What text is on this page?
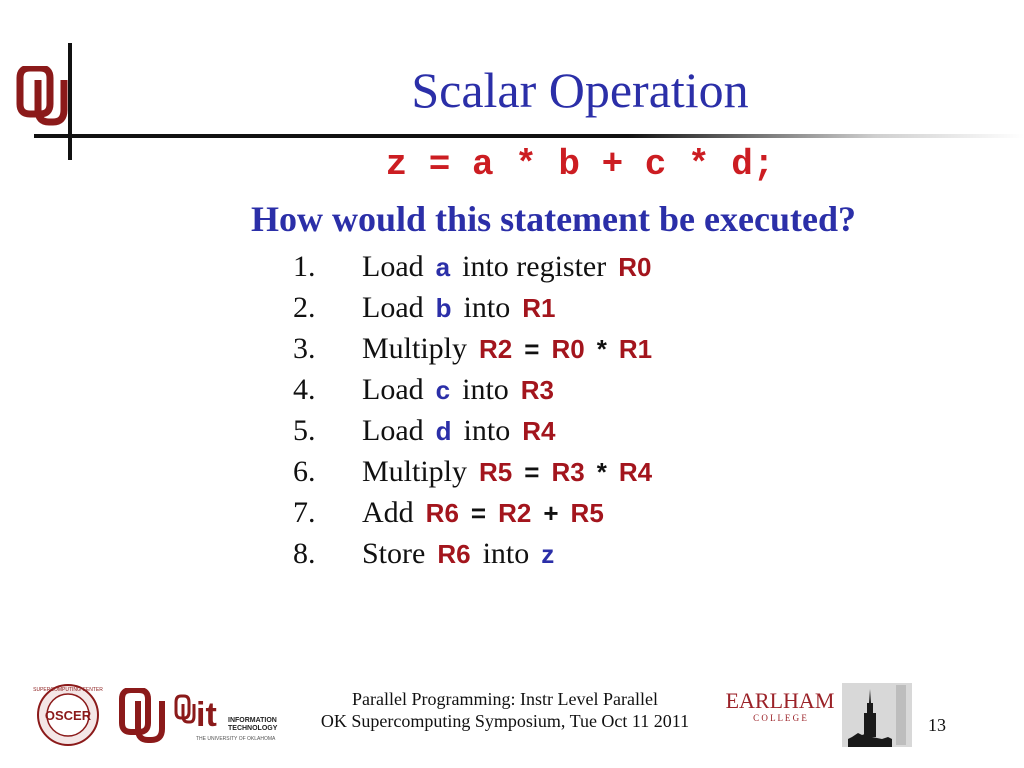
Scalar Operation
z = a * b + c * d;
How would this statement be executed?
1. Load a into register R0
2. Load b into R1
3. Multiply R2 = R0 * R1
4. Load c into R3
5. Load d into R4
6. Multiply R5 = R3 * R4
7. Add R6 = R2 + R5
8. Store R6 into z
SUPERCOMPUTING CENTER
OSCER	it INFORMATION
TECHNOLOGY
THE UNIVERSITY OF OKLAHOMA
Parallel Programming: Instr Level Parallel
OK Supercomputing Symposium, Tue Oct 11 2011
EARLHAM
C O L L E G E	13
